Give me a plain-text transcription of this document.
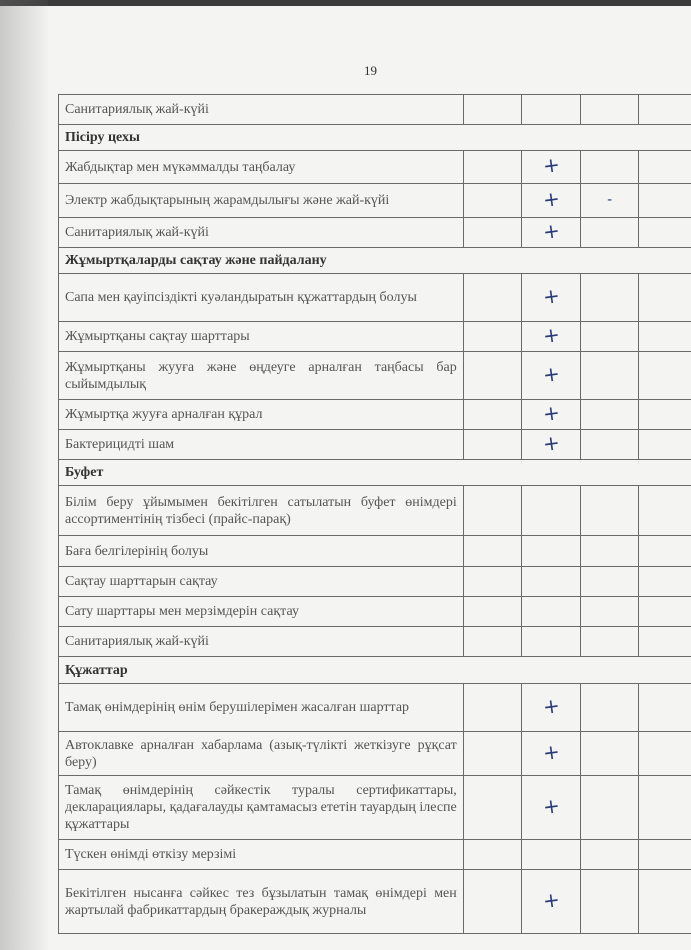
19
Санитариялық жай-күйі				
Пісіру цехы				
Жабдықтар мен мүкәммалды таңбалау		+		
Электр жабдықтарының жарамдылығы және жай-күйі		+	-	
Санитариялық жай-күйі		+		
Жұмыртқаларды сақтау және пайдалану				
Сапа мен қауіпсіздікті куәландыратын құжаттардың болуы		+		
Жұмыртқаны сақтау шарттары		+		
Жұмыртқаны жууға және өңдеуге арналған таңбасы бар сыйымдылық		+		
Жұмыртқа жууға арналған құрал		+		
Бактерицидті шам		+		
Буфет				
Білім беру ұйымымен бекітілген сатылатын буфет өнімдері ассортиментінің тізбесі (прайс-парақ)				
Баға белгілерінің болуы				
Сақтау шарттарын сақтау				
Сату шарттары мен мерзімдерін сақтау				
Санитариялық жай-күйі				
Құжаттар				
Тамақ өнімдерінің өнім берушілерімен жасалған шарттар		+		
Автоклавке арналған хабарлама (азық-түлікті жеткізуге рұқсат беру)		+		
Тамақ өнімдерінің сәйкестік туралы сертификаттары, декларациялары, қадағалауды қамтамасыз ететін тауардың ілеспе құжаттары		+		
Түскен өнімді өткізу мерзімі				
Бекітілген нысанға сәйкес тез бұзылатын тамақ өнімдері мен жартылай фабрикаттардың бракераждық журналы		+		
